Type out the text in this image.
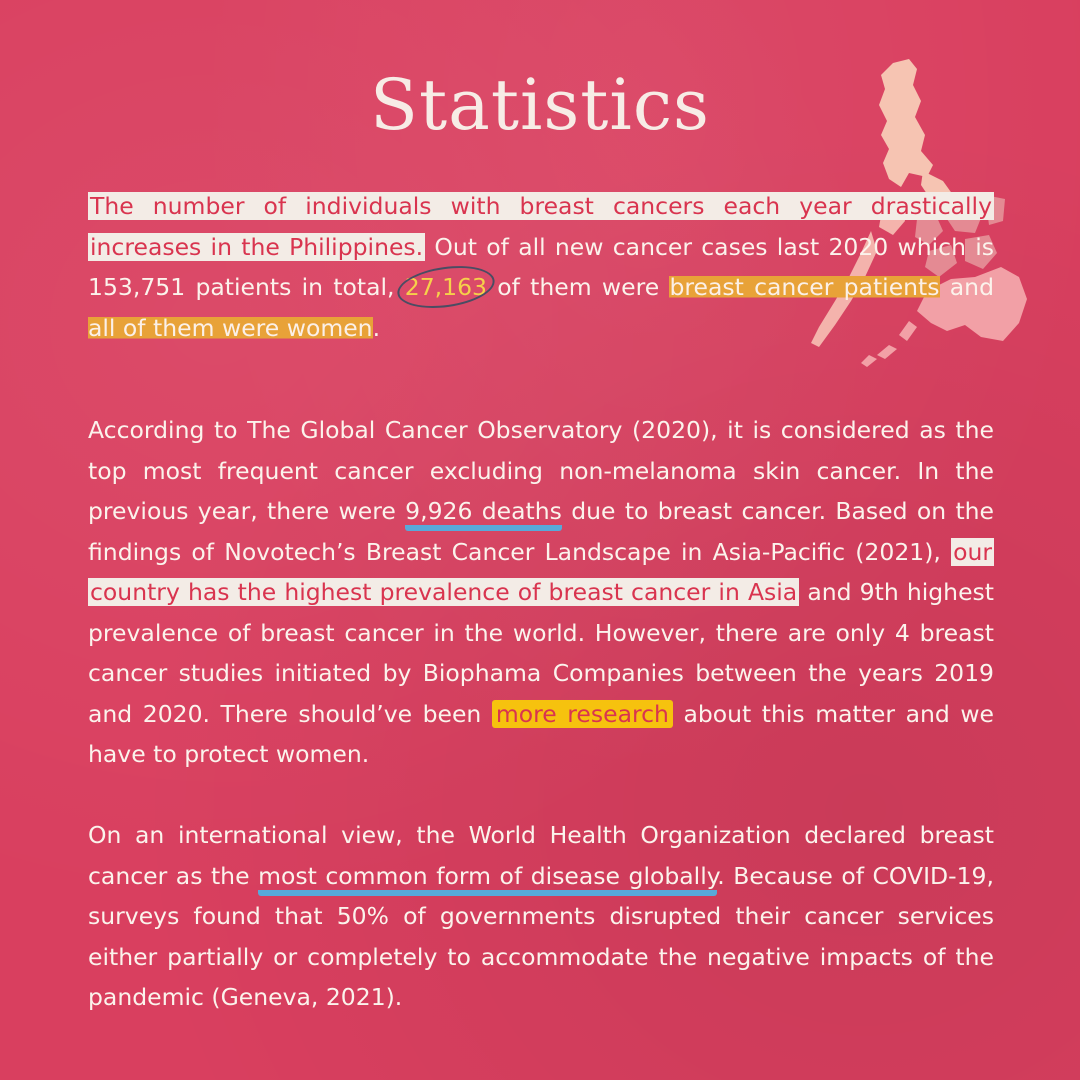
Statistics

The number of individuals with breast cancers each year drastically increases in the Philippines. Out of all new cancer cases last 2020 which is 153,751 patients in total, 27,163 of them were breast cancer patients and all of them were women.

According to The Global Cancer Observatory (2020), it is considered as the top most frequent cancer excluding non-melanoma skin cancer. In the previous year, there were 9,926 deaths due to breast cancer. Based on the findings of Novotech’s Breast Cancer Landscape in Asia-Pacific (2021), our country has the highest prevalence of breast cancer in Asia and 9th highest prevalence of breast cancer in the world. However, there are only 4 breast cancer studies initiated by Biophama Companies between the years 2019 and 2020. There should’ve been more research about this matter and we have to protect women.

On an international view, the World Health Organization declared breast cancer as the most common form of disease globally. Because of COVID-19, surveys found that 50% of governments disrupted their cancer services either partially or completely to accommodate the negative impacts of the pandemic (Geneva, 2021).
